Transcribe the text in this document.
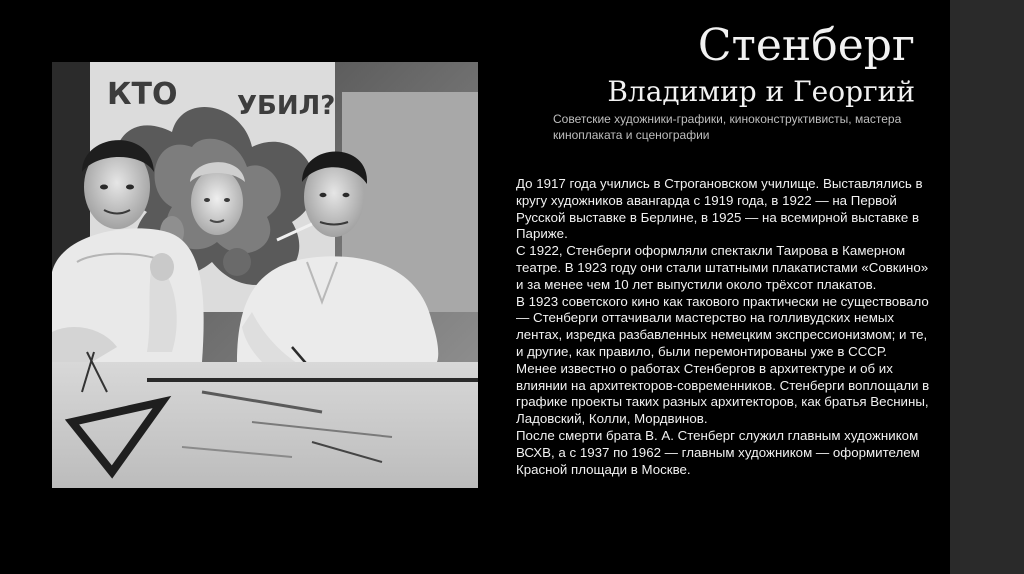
КТО УБИЛ?
Стенберг
Владимир и Георгий
Советские художники-графики, киноконструктивисты, мастера киноплаката и сценографии

До 1917 года учились в Строгановском училище. Выставлялись в кругу художников авангарда с 1919 года, в 1922 — на Первой Русской выставке в Берлине, в 1925 — на всемирной выставке в Париже.

С 1922, Стенберги оформляли спектакли Таирова в Камерном театре. В 1923 году они стали штатными плакатистами «Совкино» и за менее чем 10 лет выпустили около трёхсот плакатов.

В 1923 советского кино как такового практически не существовало — Стенберги оттачивали мастерство на голливудских немых лентах, изредка разбавленных немецким экспрессионизмом; и те, и другие, как правило, были перемонтированы уже в СССР.

Менее известно о работах Стенбергов в архитектуре и об их влиянии на архитекторов-современников. Стенберги воплощали в графике проекты таких разных архитекторов, как братья Веснины, Ладовский, Колли, Мордвинов.

После смерти брата В. А. Стенберг служил главным художником ВСХВ, а с 1937 по 1962 — главным художником — оформителем Красной площади в Москве.
